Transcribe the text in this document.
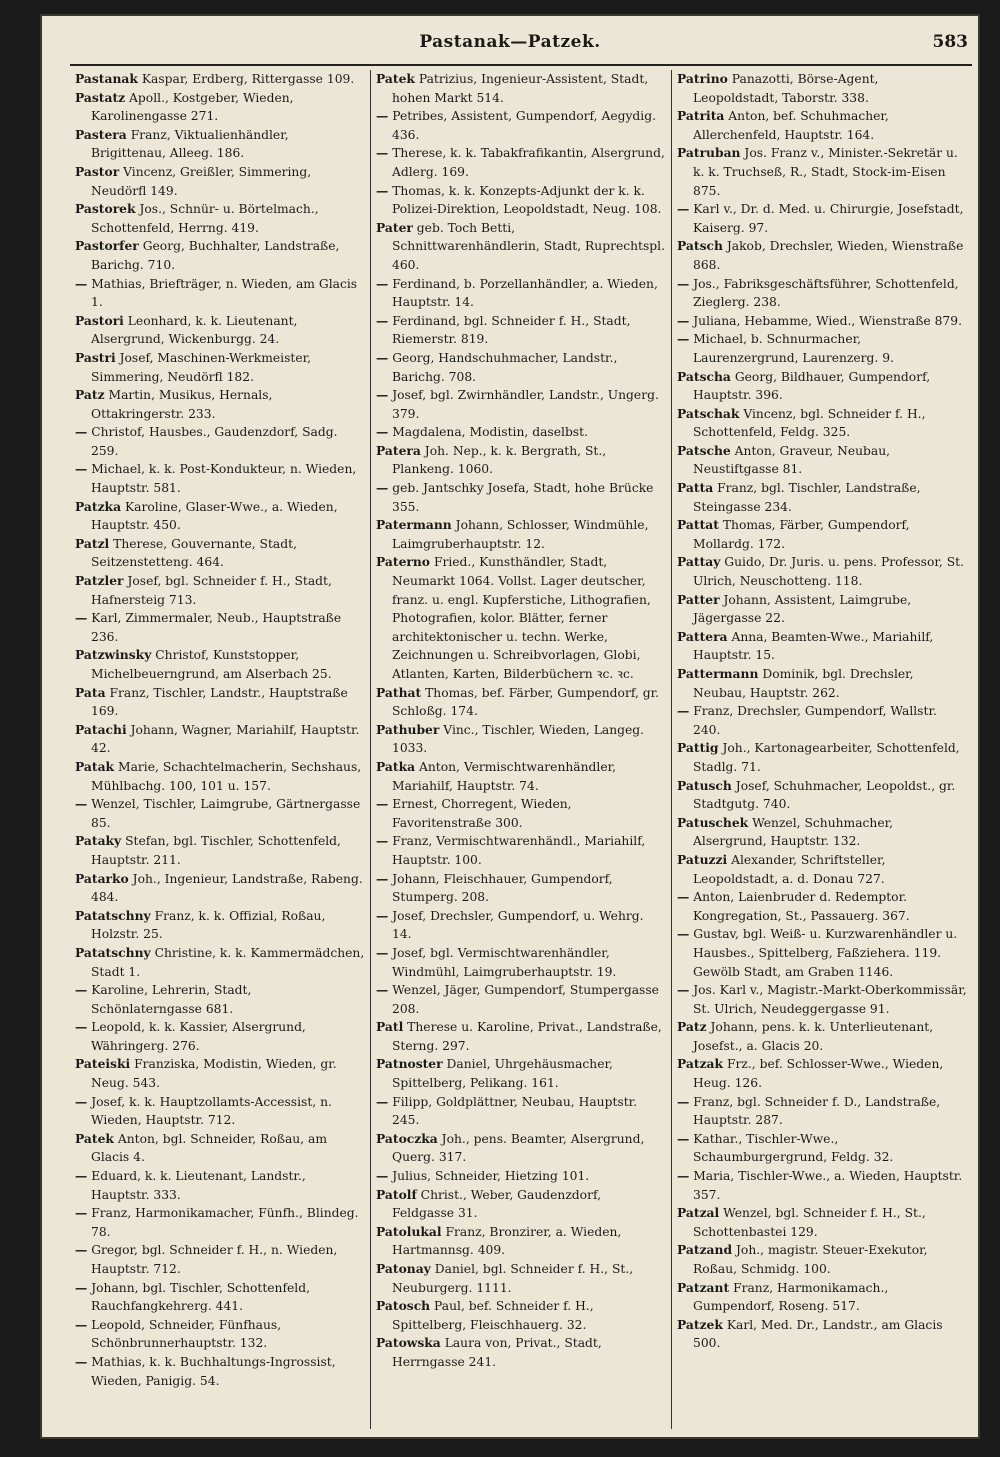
Pastanak—Patzek.	583
Pastanak Kaspar, Erdberg, Rittergasse 109.
Pastatz Apoll., Kostgeber, Wieden, Karolinengasse 271.
Pastera Franz, Viktualienhändler, Brigittenau, Alleeg. 186.
Pastor Vincenz, Greißler, Simmering, Neudörfl 149.
Pastorek Jos., Schnür- u. Börtelmach., Schottenfeld, Herrng. 419.
Pastorfer Georg, Buchhalter, Landstraße, Barichg. 710.
— Mathias, Briefträger, n. Wieden, am Glacis 1.
Pastori Leonhard, k. k. Lieutenant, Alsergrund, Wickenburgg. 24.
Pastri Josef, Maschinen-Werkmeister, Simmering, Neudörfl 182.
Patz Martin, Musikus, Hernals, Ottakringerstr. 233.
— Christof, Hausbes., Gaudenzdorf, Sadg. 259.
— Michael, k. k. Post-Kondukteur, n. Wieden, Hauptstr. 581.
Patzka Karoline, Glaser-Wwe., a. Wieden, Hauptstr. 450.
Patzl Therese, Gouvernante, Stadt, Seitzenstetteng. 464.
Patzler Josef, bgl. Schneider f. H., Stadt, Hafnersteig 713.
— Karl, Zimmermaler, Neub., Hauptstraße 236.
Patzwinsky Christof, Kunststopper, Michelbeuerngrund, am Alserbach 25.
Pata Franz, Tischler, Landstr., Hauptstraße 169.
Patachi Johann, Wagner, Mariahilf, Hauptstr. 42.
Patak Marie, Schachtelmacherin, Sechshaus, Mühlbachg. 100, 101 u. 157.
— Wenzel, Tischler, Laimgrube, Gärtnergasse 85.
Pataky Stefan, bgl. Tischler, Schottenfeld, Hauptstr. 211.
Patarko Joh., Ingenieur, Landstraße, Rabeng. 484.
Patatschny Franz, k. k. Offizial, Roßau, Holzstr. 25.
Patatschny Christine, k. k. Kammermädchen, Stadt 1.
— Karoline, Lehrerin, Stadt, Schönlaterngasse 681.
— Leopold, k. k. Kassier, Alsergrund, Währingerg. 276.
Pateiski Franziska, Modistin, Wieden, gr. Neug. 543.
— Josef, k. k. Hauptzollamts-Accessist, n. Wieden, Hauptstr. 712.
Patek Anton, bgl. Schneider, Roßau, am Glacis 4.
— Eduard, k. k. Lieutenant, Landstr., Hauptstr. 333.
— Franz, Harmonikamacher, Fünfh., Blindeg. 78.
— Gregor, bgl. Schneider f. H., n. Wieden, Hauptstr. 712.
— Johann, bgl. Tischler, Schottenfeld, Rauchfangkehrerg. 441.
— Leopold, Schneider, Fünfhaus, Schönbrunnerhauptstr. 132.
— Mathias, k. k. Buchhaltungs-Ingrossist, Wieden, Panigig. 54.
Patek Patrizius, Ingenieur-Assistent, Stadt, hohen Markt 514.
— Petribes, Assistent, Gumpendorf, Aegydig. 436.
— Therese, k. k. Tabakfrafikantin, Alsergrund, Adlerg. 169.
— Thomas, k. k. Konzepts-Adjunkt der k. k. Polizei-Direktion, Leopoldstadt, Neug. 108.
Pater geb. Toch Betti, Schnittwarenhändlerin, Stadt, Ruprechtspl. 460.
— Ferdinand, b. Porzellanhändler, a. Wieden, Hauptstr. 14.
— Ferdinand, bgl. Schneider f. H., Stadt, Riemerstr. 819.
— Georg, Handschuhmacher, Landstr., Barichg. 708.
— Josef, bgl. Zwirnhändler, Landstr., Ungerg. 379.
— Magdalena, Modistin, daselbst.
Patera Joh. Nep., k. k. Bergrath, St., Plankeng. 1060.
— geb. Jantschky Josefa, Stadt, hohe Brücke 355.
Patermann Johann, Schlosser, Windmühle, Laimgruberhauptstr. 12.
Paterno Fried., Kunsthändler, Stadt, Neumarkt 1064. Vollst. Lager deutscher, franz. u. engl. Kupferstiche, Lithografien, Photografien, kolor. Blätter, ferner architektonischer u. techn. Werke, Zeichnungen u. Schreibvorlagen, Globi, Atlanten, Karten, Bilderbüchern ꝛc. ꝛc.
Pathat Thomas, bef. Färber, Gumpendorf, gr. Schloßg. 174.
Pathuber Vinc., Tischler, Wieden, Langeg. 1033.
Patka Anton, Vermischtwarenhändler, Mariahilf, Hauptstr. 74.
— Ernest, Chorregent, Wieden, Favoritenstraße 300.
— Franz, Vermischtwarenhändl., Mariahilf, Hauptstr. 100.
— Johann, Fleischhauer, Gumpendorf, Stumperg. 208.
— Josef, Drechsler, Gumpendorf, u. Wehrg. 14.
— Josef, bgl. Vermischtwarenhändler, Windmühl, Laimgruberhauptstr. 19.
— Wenzel, Jäger, Gumpendorf, Stumpergasse 208.
Patl Therese u. Karoline, Privat., Landstraße, Sterng. 297.
Patnoster Daniel, Uhrgehäusmacher, Spittelberg, Pelikang. 161.
— Filipp, Goldplättner, Neubau, Hauptstr. 245.
Patoczka Joh., pens. Beamter, Alsergrund, Querg. 317.
— Julius, Schneider, Hietzing 101.
Patolf Christ., Weber, Gaudenzdorf, Feldgasse 31.
Patolukal Franz, Bronzirer, a. Wieden, Hartmannsg. 409.
Patonay Daniel, bgl. Schneider f. H., St., Neuburgerg. 1111.
Patosch Paul, bef. Schneider f. H., Spittelberg, Fleischhauerg. 32.
Patowska Laura von, Privat., Stadt, Herrngasse 241.
Patrino Panazotti, Börse-Agent, Leopoldstadt, Taborstr. 338.
Patrita Anton, bef. Schuhmacher, Allerchenfeld, Hauptstr. 164.
Patruban Jos. Franz v., Minister.-Sekretär u. k. k. Truchseß, R., Stadt, Stock-im-Eisen 875.
— Karl v., Dr. d. Med. u. Chirurgie, Josefstadt, Kaiserg. 97.
Patsch Jakob, Drechsler, Wieden, Wienstraße 868.
— Jos., Fabriksgeschäftsführer, Schottenfeld, Zieglerg. 238.
— Juliana, Hebamme, Wied., Wienstraße 879.
— Michael, b. Schnurmacher, Laurenzergrund, Laurenzerg. 9.
Patscha Georg, Bildhauer, Gumpendorf, Hauptstr. 396.
Patschak Vincenz, bgl. Schneider f. H., Schottenfeld, Feldg. 325.
Patsche Anton, Graveur, Neubau, Neustiftgasse 81.
Patta Franz, bgl. Tischler, Landstraße, Steingasse 234.
Pattat Thomas, Färber, Gumpendorf, Mollardg. 172.
Pattay Guido, Dr. Juris. u. pens. Professor, St. Ulrich, Neuschotteng. 118.
Patter Johann, Assistent, Laimgrube, Jägergasse 22.
Pattera Anna, Beamten-Wwe., Mariahilf, Hauptstr. 15.
Pattermann Dominik, bgl. Drechsler, Neubau, Hauptstr. 262.
— Franz, Drechsler, Gumpendorf, Wallstr. 240.
Pattig Joh., Kartonagearbeiter, Schottenfeld, Stadlg. 71.
Patusch Josef, Schuhmacher, Leopoldst., gr. Stadtgutg. 740.
Patuschek Wenzel, Schuhmacher, Alsergrund, Hauptstr. 132.
Patuzzi Alexander, Schriftsteller, Leopoldstadt, a. d. Donau 727.
— Anton, Laienbruder d. Redemptor. Kongregation, St., Passauerg. 367.
— Gustav, bgl. Weiß- u. Kurzwarenhändler u. Hausbes., Spittelberg, Faßziehera. 119. Gewölb Stadt, am Graben 1146.
— Jos. Karl v., Magistr.-Markt-Oberkommissär, St. Ulrich, Neudeggergasse 91.
Patz Johann, pens. k. k. Unterlieutenant, Josefst., a. Glacis 20.
Patzak Frz., bef. Schlosser-Wwe., Wieden, Heug. 126.
— Franz, bgl. Schneider f. D., Landstraße, Hauptstr. 287.
— Kathar., Tischler-Wwe., Schaumburgergrund, Feldg. 32.
— Maria, Tischler-Wwe., a. Wieden, Hauptstr. 357.
Patzal Wenzel, bgl. Schneider f. H., St., Schottenbastei 129.
Patzand Joh., magistr. Steuer-Exekutor, Roßau, Schmidg. 100.
Patzant Franz, Harmonikamach., Gumpendorf, Roseng. 517.
Patzek Karl, Med. Dr., Landstr., am Glacis 500.
